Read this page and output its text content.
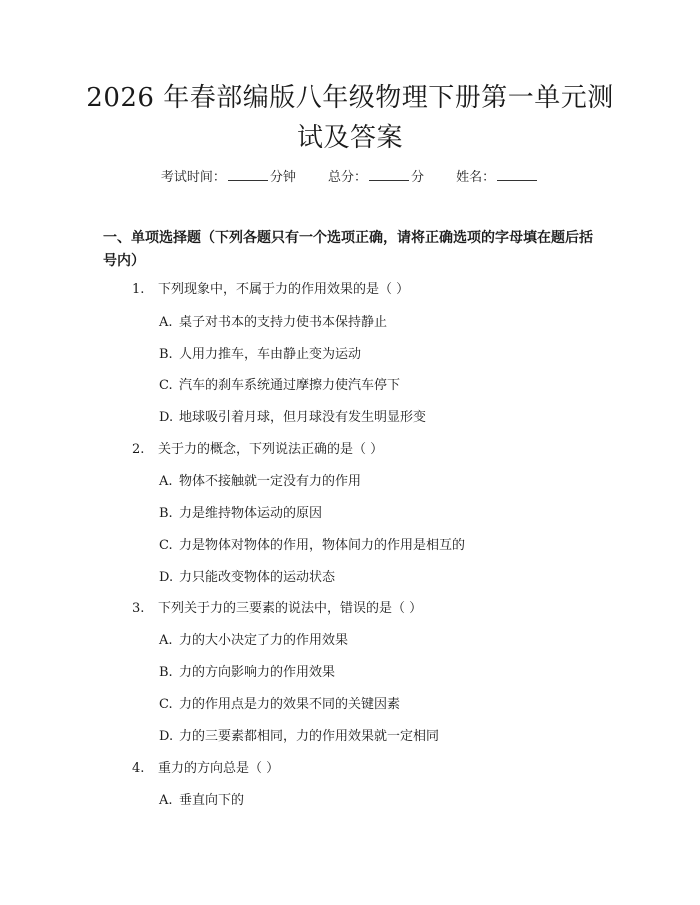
2026 年春部编版八年级物理下册第一单元测
试及答案
考试时间：	分钟 总分：	分 姓名：
一、单项选择题（下列各题只有一个选项正确，请将正确选项的字母填在题后括
号内）
1. 下列现象中，不属于力的作用效果的是（ ）
A. 桌子对书本的支持力使书本保持静止
B. 人用力推车，车由静止变为运动
C. 汽车的刹车系统通过摩擦力使汽车停下
D. 地球吸引着月球，但月球没有发生明显形变
2. 关于力的概念，下列说法正确的是（ ）
A. 物体不接触就一定没有力的作用
B. 力是维持物体运动的原因
C. 力是物体对物体的作用，物体间力的作用是相互的
D. 力只能改变物体的运动状态
3. 下列关于力的三要素的说法中，错误的是（ ）
A. 力的大小决定了力的作用效果
B. 力的方向影响力的作用效果
C. 力的作用点是力的效果不同的关键因素
D. 力的三要素都相同，力的作用效果就一定相同
4. 重力的方向总是（ ）
A. 垂直向下的
